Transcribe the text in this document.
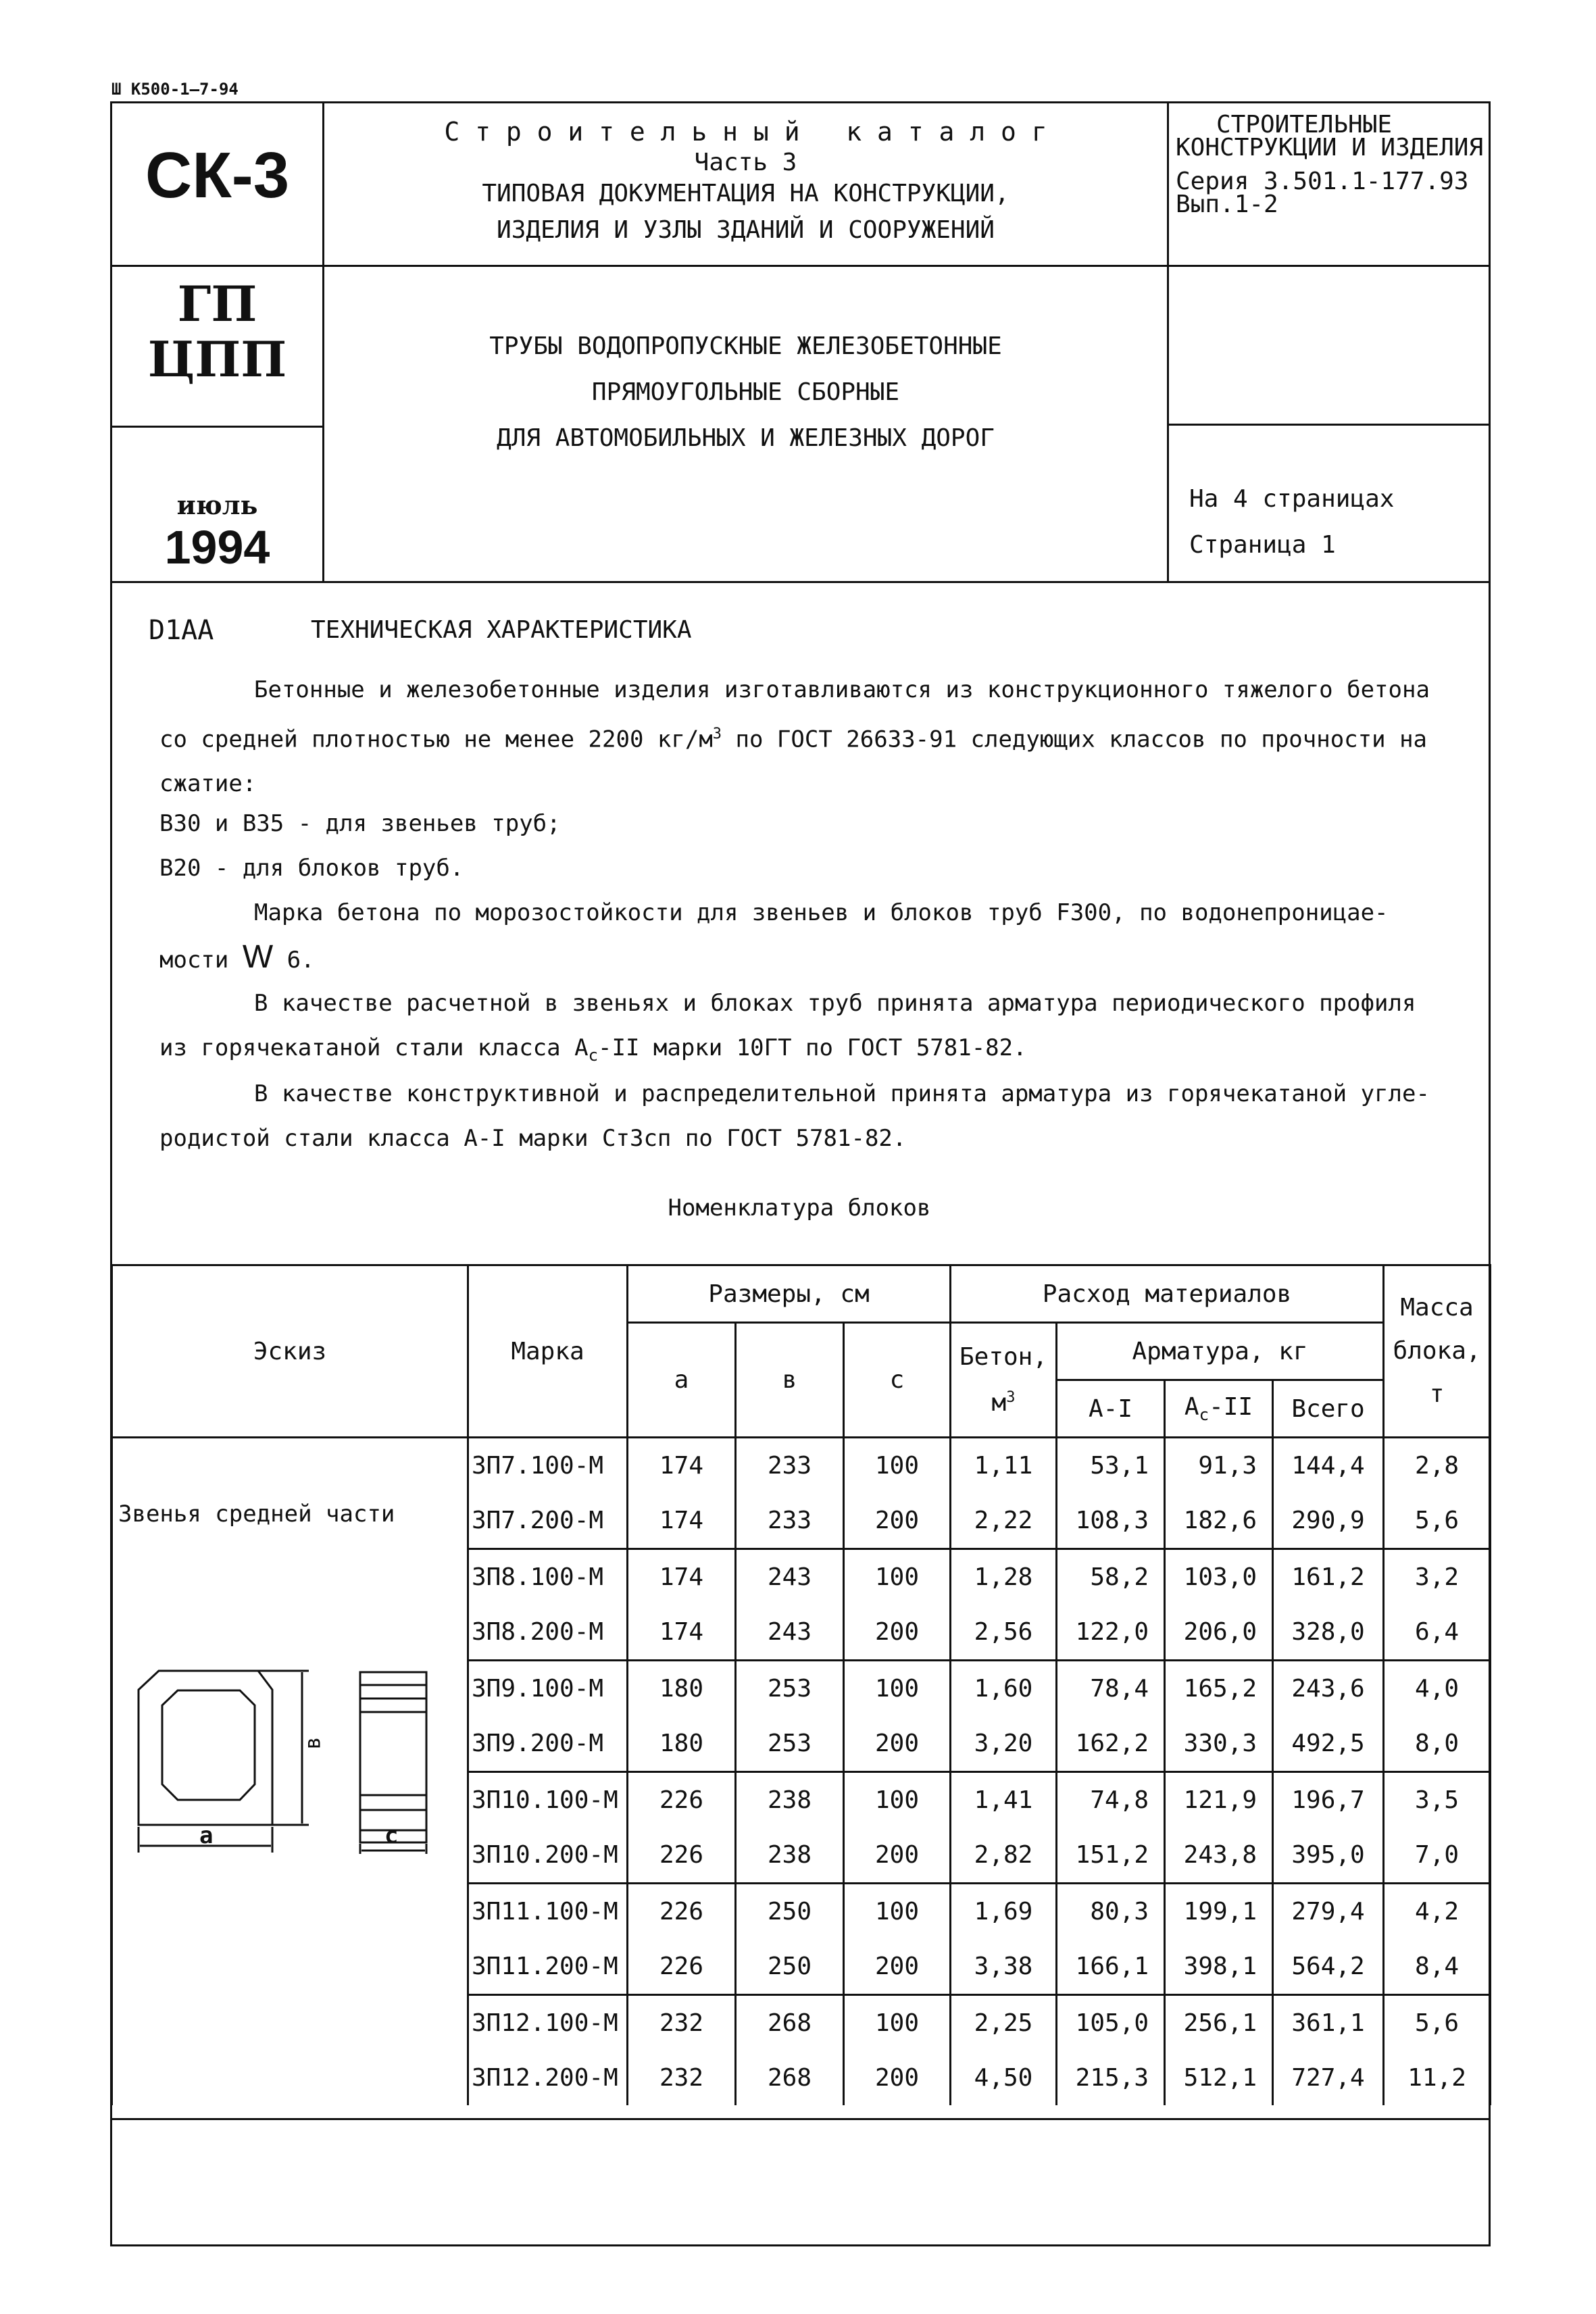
Ш К500-1—7-94
СК-3
ГП
ЦПП
июль
1994
С т р о и т е л ь н ы й   к а т а л о г
Часть 3
ТИПОВАЯ ДОКУМЕНТАЦИЯ НА КОНСТРУКЦИИ,
ИЗДЕЛИЯ И УЗЛЫ ЗДАНИЙ И СООРУЖЕНИЙ
ТРУБЫ ВОДОПРОПУСКНЫЕ ЖЕЛЕЗОБЕТОННЫЕ
ПРЯМОУГОЛЬНЫЕ СБОРНЫЕ
ДЛЯ АВТОМОБИЛЬНЫХ И ЖЕЛЕЗНЫХ ДОРОГ
СТРОИТЕЛЬНЫЕ
КОНСТРУКЦИИ И ИЗДЕЛИЯ
Серия 3.501.1-177.93
Вып.1-2
На 4 страницах
Страница 1
D1AA	ТЕХНИЧЕСКАЯ ХАРАКТЕРИСТИКА
Бетонные и железобетонные изделия изготавливаются из конструкционного тяжелого бетона
со средней плотностью не менее 2200 $кг/м^3$ по ГОСТ 26633-91 следующих классов по прочности на
сжатие:
В30 и В35 - для звеньев труб;
В20 - для блоков труб.
Марка бетона по морозостойкости для звеньев и блоков труб F300, по водонепроницае-
мости W 6.
В качестве расчетной в звеньях и блоках труб принята арматура периодического профиля
из горячекатаной стали класса $А_с-II$ марки 10ГТ по ГОСТ 5781-82.
В качестве конструктивной и распределительной принята арматура из горячекатаной угле-
родистой стали класса А-I марки Ст3сп по ГОСТ 5781-82.
Номенклатура блоков
Эскиз	Марка	Размеры, см			Расход материалов				Масса блока,
т
		а	в	с	Бетон,
$м^3$	Арматура, кг			
						А-I	$А_с-II$	Всего	

Звенья средней части
в
а с	ЗП7.100-М	174	233	100	1,11	53,1	91,3	144,4	2,8
	ЗП7.200-М	174	233	200	2,22	108,3	182,6	290,9	5,6
	ЗП8.100-М	174	243	100	1,28	58,2	103,0	161,2	3,2
	ЗП8.200-М	174	243	200	2,56	122,0	206,0	328,0	6,4
	ЗП9.100-М	180	253	100	1,60	78,4	165,2	243,6	4,0
	ЗП9.200-М	180	253	200	3,20	162,2	330,3	492,5	8,0
	ЗП10.100-М	226	238	100	1,41	74,8	121,9	196,7	3,5
	ЗП10.200-М	226	238	200	2,82	151,2	243,8	395,0	7,0
	ЗП11.100-М	226	250	100	1,69	80,3	199,1	279,4	4,2
	ЗП11.200-М	226	250	200	3,38	166,1	398,1	564,2	8,4
	ЗП12.100-М	232	268	100	2,25	105,0	256,1	361,1	5,6
	ЗП12.200-М	232	268	200	4,50	215,3	512,1	727,4	11,2
